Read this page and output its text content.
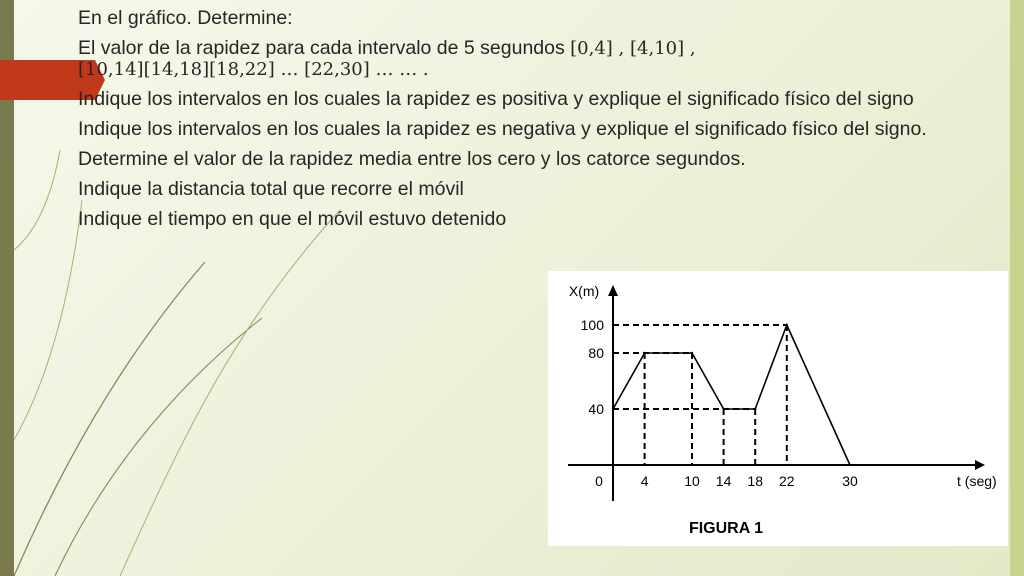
En el gráfico. Determine:

El valor de la rapidez para cada intervalo de 5 segundos [0,4] , [4,10] ,
[10,14][14,18][18,22] … [22,30] … … .

Indique los intervalos en los cuales la rapidez es positiva y explique el significado físico del signo

Indique los intervalos en los cuales la rapidez es negativa y explique el significado físico del signo.

Determine el valor de la rapidez media entre los cero y los catorce segundos.

Indique la distancia total que recorre el móvil

Indique el tiempo en que el móvil estuvo detenido

0	4	10 14 18 22	30
100
80
40
X(m)
t (seg)
FIGURA 1
